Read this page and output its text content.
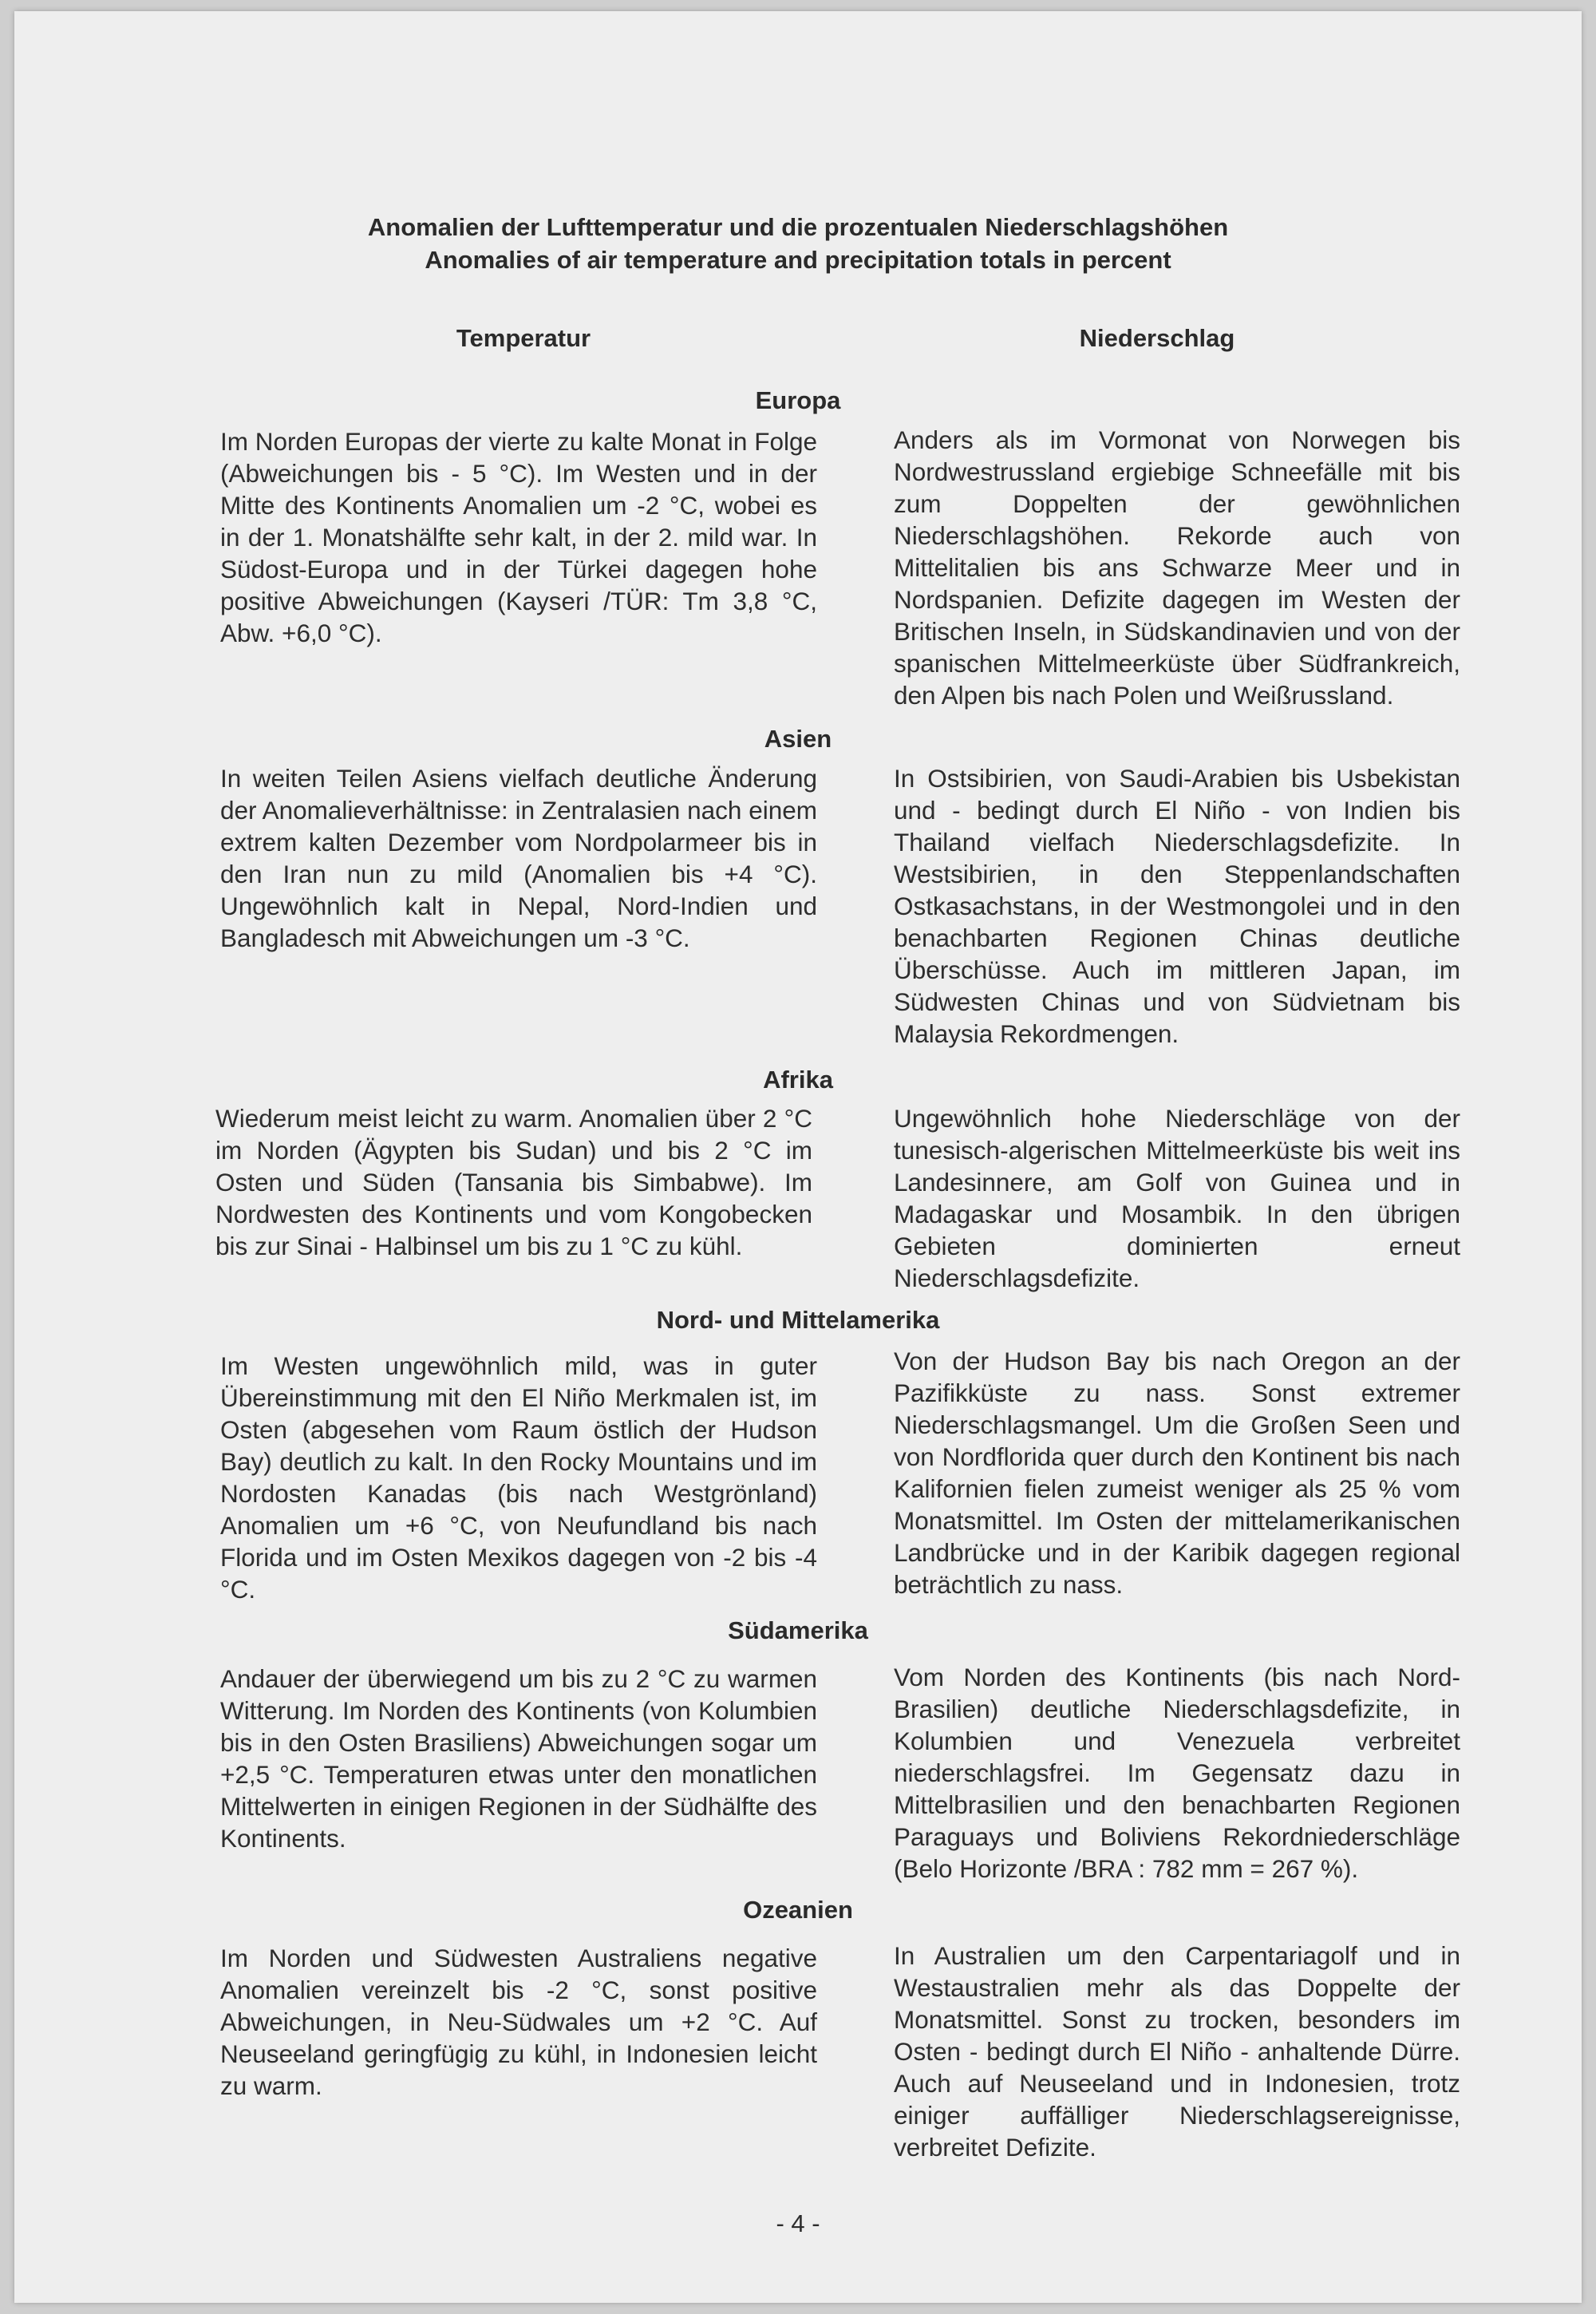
Anomalien der Lufttemperatur und die prozentualen Niederschlagshöhen
Anomalies of air temperature and precipitation totals in percent
Temperatur	Niederschlag
Europa
Im Norden Europas der vierte zu kalte Monat in Folge (Abweichungen bis - 5 °C). Im Westen und in der Mitte des Kontinents Anomalien um -2 °C, wobei es in der 1. Monatshälfte sehr kalt, in der 2. mild war. In Südost-Europa und in der Türkei dagegen hohe positive Abweichungen (Kayseri /TÜR: Tm 3,8 °C, Abw. +6,0 °C).
Anders als im Vormonat von Norwegen bis Nordwestrussland ergiebige Schneefälle mit bis zum Doppelten der gewöhnlichen Niederschlagshöhen. Rekorde auch von Mittelitalien bis ans Schwarze Meer und in Nordspanien. Defizite dagegen im Westen der Britischen Inseln, in Südskandinavien und von der spanischen Mittelmeerküste über Südfrankreich, den Alpen bis nach Polen und Weißrussland.
Asien
In weiten Teilen Asiens vielfach deutliche Änderung der Anomalieverhältnisse: in Zentralasien nach einem extrem kalten Dezember vom Nordpolarmeer bis in den Iran nun zu mild (Anomalien bis +4 °C). Ungewöhnlich kalt in Nepal, Nord-Indien und Bangladesch mit Abweichungen um -3 °C.
In Ostsibirien, von Saudi-Arabien bis Usbekistan und - bedingt durch El Niño - von Indien bis Thailand vielfach Niederschlagsdefizite. In Westsibirien, in den Steppenlandschaften Ostkasachstans, in der Westmongolei und in den benachbarten Regionen Chinas deutliche Überschüsse. Auch im mittleren Japan, im Südwesten Chinas und von Südvietnam bis Malaysia Rekordmengen.
Afrika
Wiederum meist leicht zu warm. Anomalien über 2 °C im Norden (Ägypten bis Sudan) und bis 2 °C im Osten und Süden (Tansania bis Simbabwe). Im Nordwesten des Kontinents und vom Kongobecken bis zur Sinai - Halbinsel um bis zu 1 °C zu kühl.
Ungewöhnlich hohe Niederschläge von der tunesisch-algerischen Mittelmeerküste bis weit ins Landesinnere, am Golf von Guinea und in Madagaskar und Mosambik. In den übrigen Gebieten dominierten erneut Niederschlagsdefizite.
Nord- und Mittelamerika
Im Westen ungewöhnlich mild, was in guter Übereinstimmung mit den El Niño Merkmalen ist, im Osten (abgesehen vom Raum östlich der Hudson Bay) deutlich zu kalt. In den Rocky Mountains und im Nordosten Kanadas (bis nach Westgrönland) Anomalien um +6 °C, von Neufundland bis nach Florida und im Osten Mexikos dagegen von -2 bis -4 °C.
Von der Hudson Bay bis nach Oregon an der Pazifikküste zu nass. Sonst extremer Niederschlagsmangel. Um die Großen Seen und von Nordflorida quer durch den Kontinent bis nach Kalifornien fielen zumeist weniger als 25 % vom Monatsmittel. Im Osten der mittelamerikanischen Landbrücke und in der Karibik dagegen regional beträchtlich zu nass.
Südamerika
Andauer der überwiegend um bis zu 2 °C zu warmen Witterung. Im Norden des Kontinents (von Kolumbien bis in den Osten Brasiliens) Abweichungen sogar um +2,5 °C. Temperaturen etwas unter den monatlichen Mittelwerten in einigen Regionen in der Südhälfte des Kontinents.
Vom Norden des Kontinents (bis nach Nord-Brasilien) deutliche Niederschlagsdefizite, in Kolumbien und Venezuela verbreitet niederschlagsfrei. Im Gegensatz dazu in Mittelbrasilien und den benachbarten Regionen Paraguays und Boliviens Rekordniederschläge (Belo Horizonte /BRA : 782 mm = 267 %).
Ozeanien
Im Norden und Südwesten Australiens negative Anomalien vereinzelt bis -2 °C, sonst positive Abweichungen, in Neu-Südwales um +2 °C. Auf Neuseeland geringfügig zu kühl, in Indonesien leicht zu warm.
In Australien um den Carpentariagolf und in Westaustralien mehr als das Doppelte der Monatsmittel. Sonst zu trocken, besonders im Osten - bedingt durch El Niño - anhaltende Dürre. Auch auf Neuseeland und in Indonesien, trotz einiger auffälliger Niederschlagsereignisse, verbreitet Defizite.
- 4 -
